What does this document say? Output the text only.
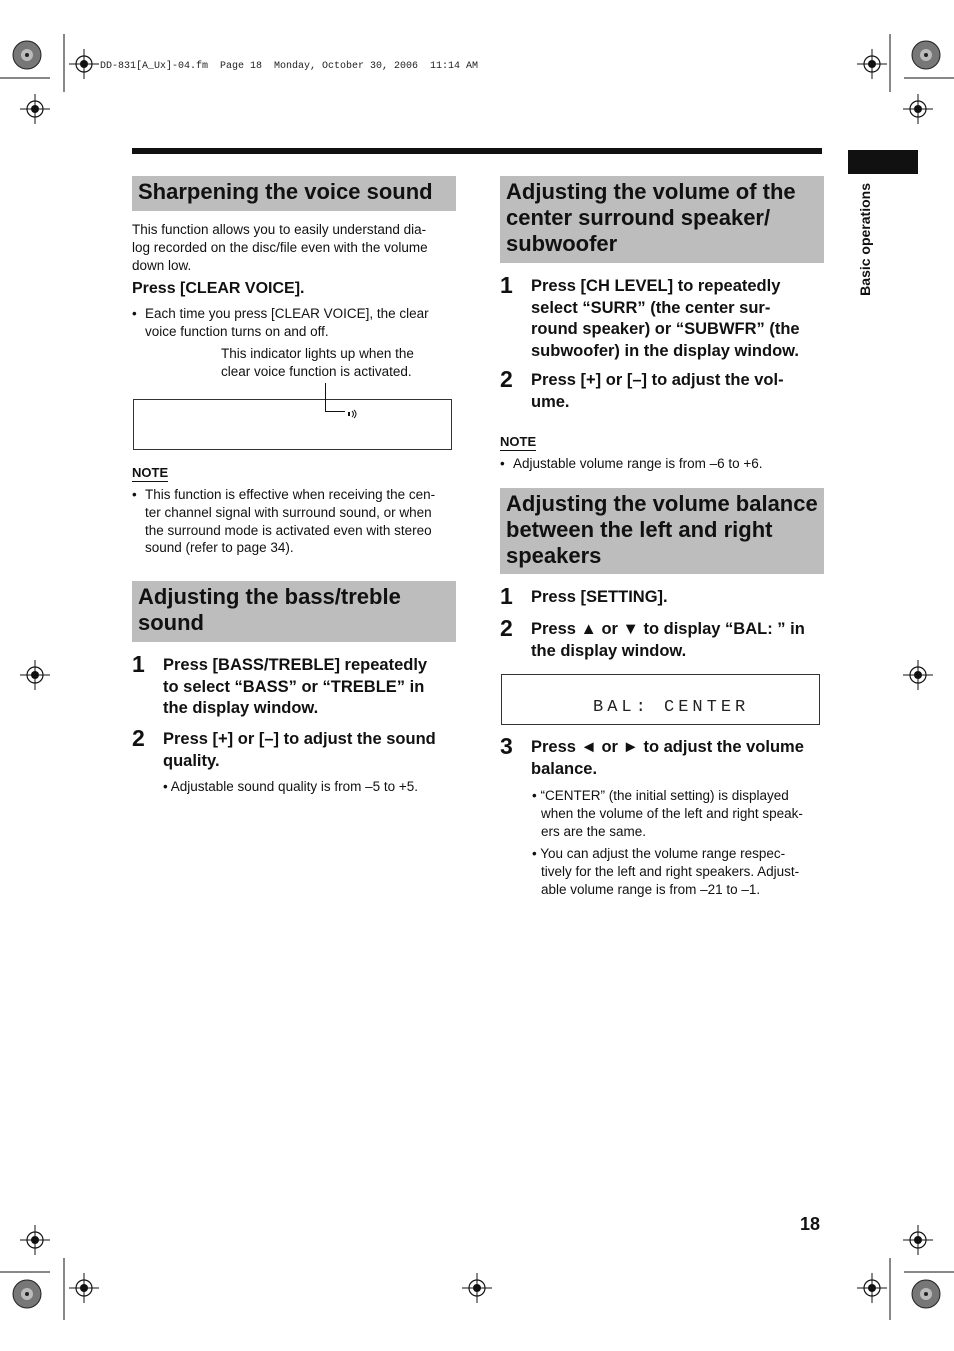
DD-831[A_Ux]-04.fm  Page 18  Monday, October 30, 2006  11:14 AM
Basic operations
Sharpening the voice sound
This function allows you to easily understand dia-
log recorded on the disc/file even with the volume
down low.
Press [CLEAR VOICE].
• Each time you press [CLEAR VOICE], the clear
voice function turns on and off.
This indicator lights up when the
clear voice function is activated.
NOTE
• This function is effective when receiving the cen-
ter channel signal with surround sound, or when
the surround mode is activated even with stereo
sound (refer to page 34).
Adjusting the bass/treble
sound
1 Press [BASS/TREBLE] repeatedly
to select “BASS” or “TREBLE” in
the display window.
2 Press [+] or [–] to adjust the sound
quality.
• Adjustable sound quality is from –5 to +5.
Adjusting the volume of the
center surround speaker/
subwoofer
1 Press [CH LEVEL] to repeatedly
select “SURR” (the center sur-
round speaker) or “SUBWFR” (the
subwoofer) in the display window.
2 Press [+] or [–] to adjust the vol-
ume.
NOTE
• Adjustable volume range is from –6 to +6.
Adjusting the volume balance
between the left and right
speakers
1 Press [SETTING].
2 Press ▲ or ▼ to display “BAL: ” in
the display window.
BAL: CENTER
3 Press ◄ or ► to adjust the volume
balance.
• “CENTER” (the initial setting) is displayed
when the volume of the left and right speak-
ers are the same.
• You can adjust the volume range respec-
tively for the left and right speakers. Adjust-
able volume range is from –21 to –1.
18
